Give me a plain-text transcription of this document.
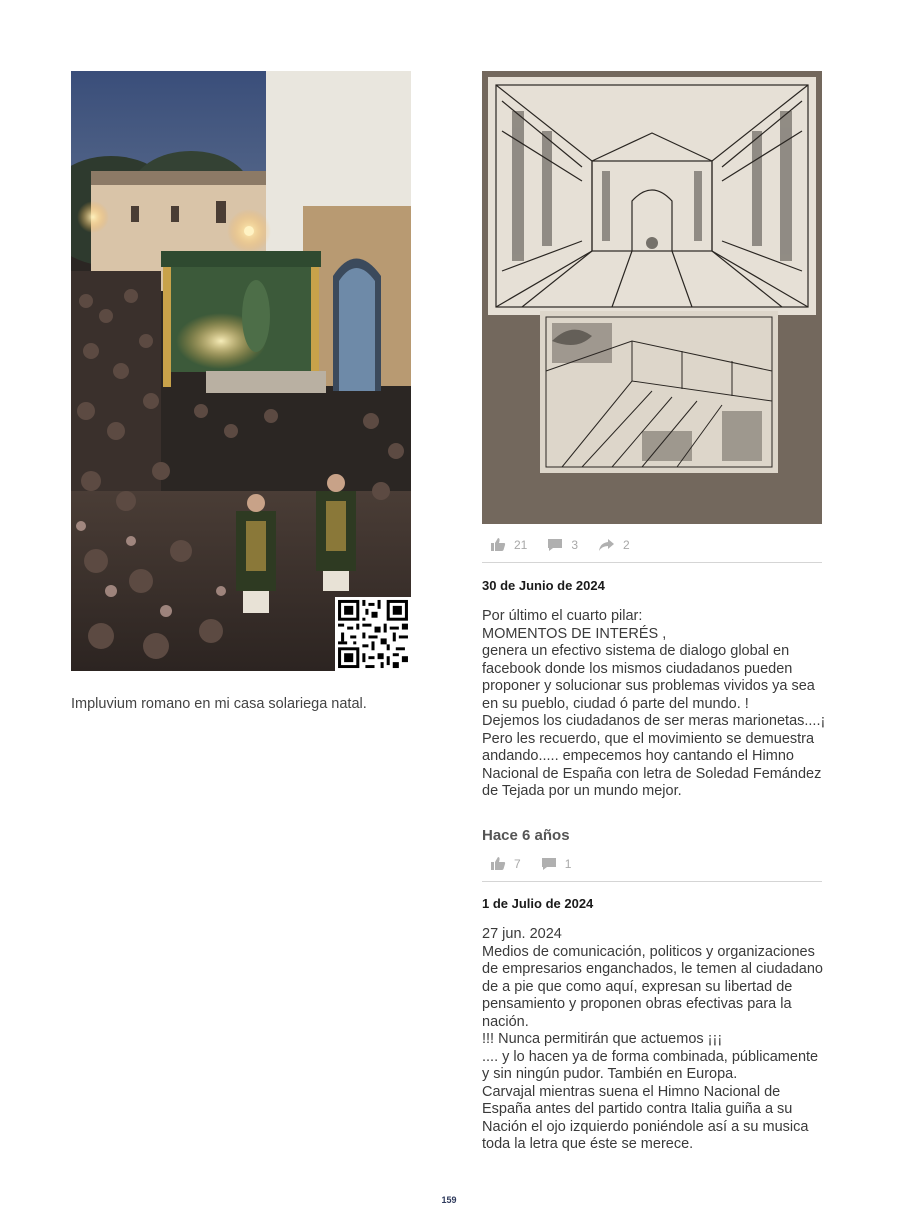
Impluvium romano en mi casa solariega natal.
21	3	2
30 de Junio de 2024
Por último el cuarto pilar:
MOMENTOS DE INTERÉS ,
genera un efectivo sistema de dialogo global en facebook donde los mismos ciudadanos pueden proponer y solucionar sus problemas vividos ya sea en su pueblo, ciudad ó parte del mundo. !
Dejemos los ciudadanos de ser meras marionetas....¡
Pero les recuerdo, que el movimiento se demuestra andando..... empecemos hoy cantando el Himno Nacional de España con letra de Soledad Femández de Tejada por un mundo mejor.
Hace 6 años
7	1
1 de Julio de 2024
27 jun. 2024
Medios de comunicación, politicos y organizaciones de empresarios enganchados, le temen al ciudadano de a pie que como aquí, expresan su libertad de pensamiento y proponen obras efectivas para la nación.
!!! Nunca permitirán que actuemos ¡¡¡
.... y lo hacen ya de forma combinada, públicamente y sin ningún pudor. También en Europa.
Carvajal mientras suena el Himno Nacional de España antes del partido contra Italia guiña a su Nación el ojo izquierdo poniéndole así a su musica toda la letra que éste se merece.
159
